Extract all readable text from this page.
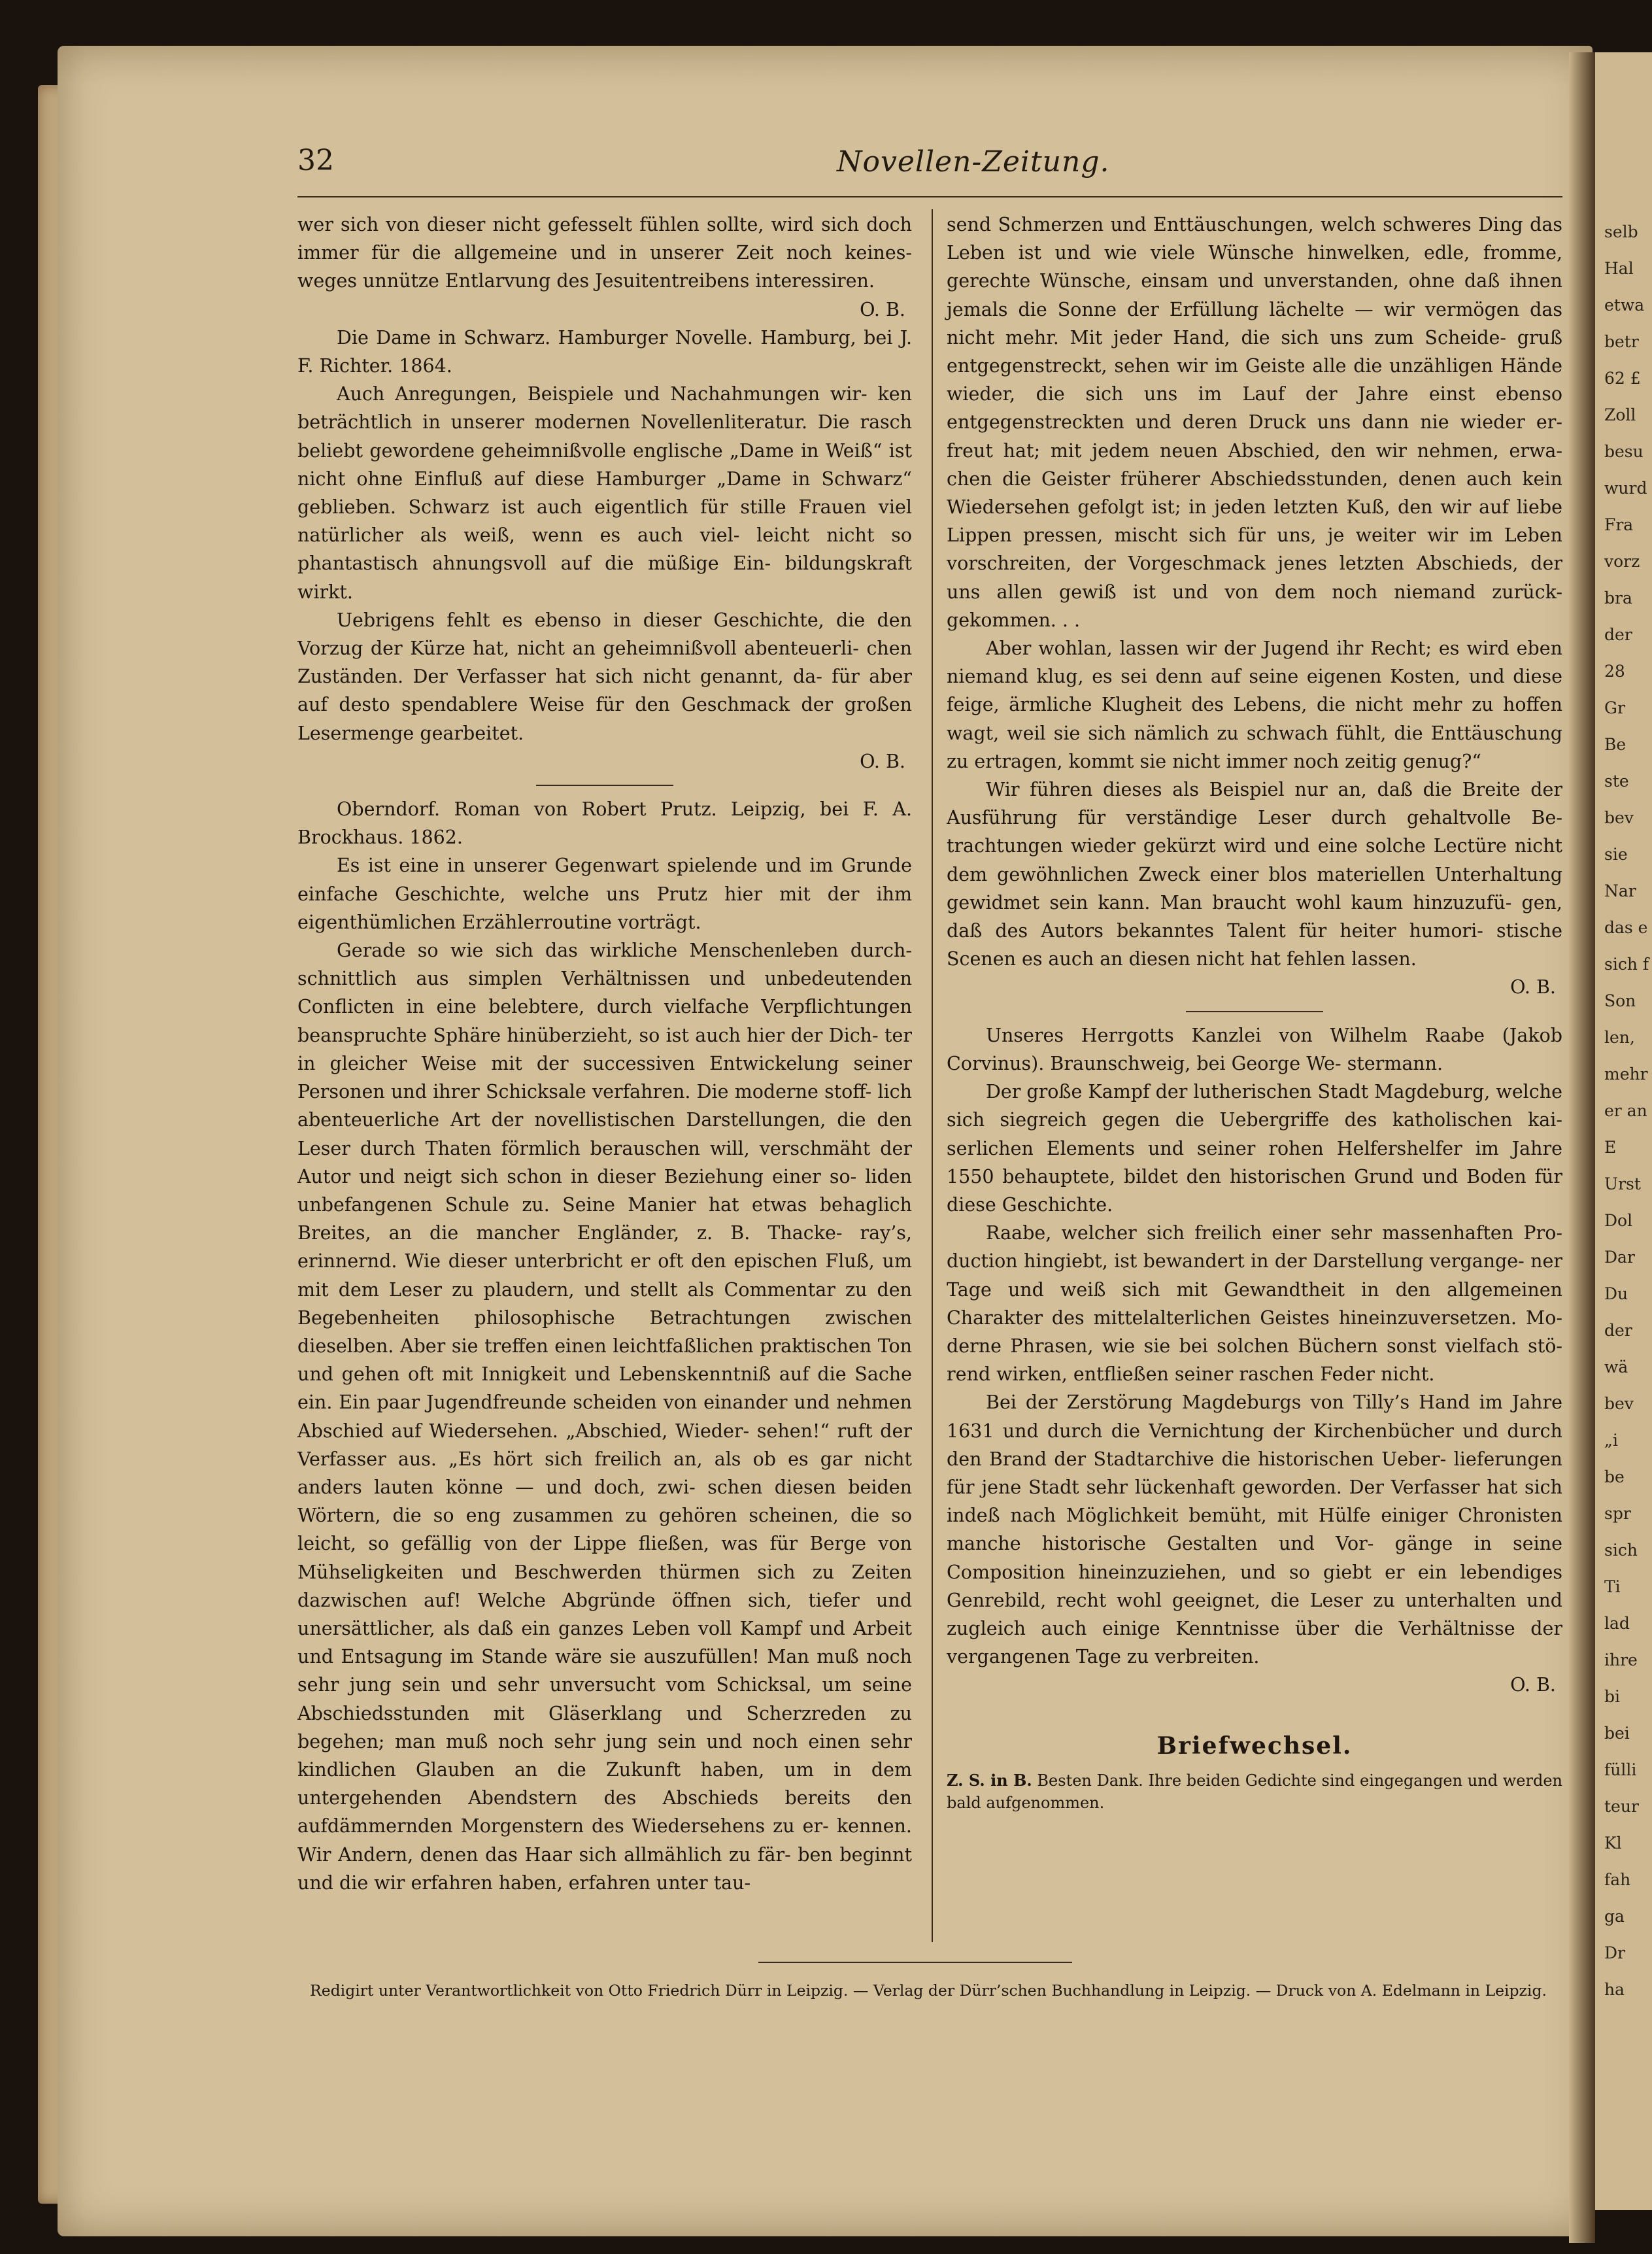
selb
Hal
etwa
betr
62 £
Zoll
besu
wurd
Fra
vorz
bra
der
28
Gr
Be
ste
bev
sie
Nar
das e
sich f
Son
len,
mehr
er an
E
Urst
Dol
Dar
Du
der
wä
bev
„i
be
spr
sich
Ti
lad
ihre
bi
bei
fülli
teur
Kl
fah
ga
Dr
ha
32	Novellen-Zeitung.

wer sich von dieser nicht gefesselt fühlen sollte, wird sich doch immer für die allgemeine und in unserer Zeit noch keines- weges unnütze Entlarvung des Jesuitentreibens interessiren.

O. B.

Die Dame in Schwarz. Hamburger Novelle. Hamburg, bei J. F. Richter. 1864.

Auch Anregungen, Beispiele und Nachahmungen wir- ken beträchtlich in unserer modernen Novellenliteratur. Die rasch beliebt gewordene geheimnißvolle englische „Dame in Weiß“ ist nicht ohne Einfluß auf diese Hamburger „Dame in Schwarz“ geblieben. Schwarz ist auch eigentlich für stille Frauen viel natürlicher als weiß, wenn es auch viel- leicht nicht so phantastisch ahnungsvoll auf die müßige Ein- bildungskraft wirkt.

Uebrigens fehlt es ebenso in dieser Geschichte, die den Vorzug der Kürze hat, nicht an geheimnißvoll abenteuerli- chen Zuständen. Der Verfasser hat sich nicht genannt, da- für aber auf desto spendablere Weise für den Geschmack der großen Lesermenge gearbeitet.

O. B.

Oberndorf. Roman von Robert Prutz. Leipzig, bei F. A. Brockhaus. 1862.

Es ist eine in unserer Gegenwart spielende und im Grunde einfache Geschichte, welche uns Prutz hier mit der ihm eigenthümlichen Erzählerroutine vorträgt.

Gerade so wie sich das wirkliche Menschenleben durch- schnittlich aus simplen Verhältnissen und unbedeutenden Conflicten in eine belebtere, durch vielfache Verpflichtungen beanspruchte Sphäre hinüberzieht, so ist auch hier der Dich- ter in gleicher Weise mit der successiven Entwickelung seiner Personen und ihrer Schicksale verfahren. Die moderne stoff- lich abenteuerliche Art der novellistischen Darstellungen, die den Leser durch Thaten förmlich berauschen will, verschmäht der Autor und neigt sich schon in dieser Beziehung einer so- liden unbefangenen Schule zu. Seine Manier hat etwas behaglich Breites, an die mancher Engländer, z. B. Thacke- ray’s, erinnernd. Wie dieser unterbricht er oft den epischen Fluß, um mit dem Leser zu plaudern, und stellt als Commentar zu den Begebenheiten philosophische Betrachtungen zwischen dieselben. Aber sie treffen einen leichtfaßlichen praktischen Ton und gehen oft mit Innigkeit und Lebenskenntniß auf die Sache ein. Ein paar Jugendfreunde scheiden von einander und nehmen Abschied auf Wiedersehen. „Abschied, Wieder- sehen!“ ruft der Verfasser aus. „Es hört sich freilich an, als ob es gar nicht anders lauten könne — und doch, zwi- schen diesen beiden Wörtern, die so eng zusammen zu gehören scheinen, die so leicht, so gefällig von der Lippe fließen, was für Berge von Mühseligkeiten und Beschwerden thürmen sich zu Zeiten dazwischen auf! Welche Abgründe öffnen sich, tiefer und unersättlicher, als daß ein ganzes Leben voll Kampf und Arbeit und Entsagung im Stande wäre sie auszufüllen! Man muß noch sehr jung sein und sehr unversucht vom Schicksal, um seine Abschiedsstunden mit Gläserklang und Scherzreden zu begehen; man muß noch sehr jung sein und noch einen sehr kindlichen Glauben an die Zukunft haben, um in dem untergehenden Abendstern des Abschieds bereits den aufdämmernden Morgenstern des Wiedersehens zu er- kennen. Wir Andern, denen das Haar sich allmählich zu fär- ben beginnt und die wir erfahren haben, erfahren unter tau-

send Schmerzen und Enttäuschungen, welch schweres Ding das Leben ist und wie viele Wünsche hinwelken, edle, fromme, gerechte Wünsche, einsam und unverstanden, ohne daß ihnen jemals die Sonne der Erfüllung lächelte — wir vermögen das nicht mehr. Mit jeder Hand, die sich uns zum Scheide- gruß entgegenstreckt, sehen wir im Geiste alle die unzähligen Hände wieder, die sich uns im Lauf der Jahre einst ebenso entgegenstreckten und deren Druck uns dann nie wieder er- freut hat; mit jedem neuen Abschied, den wir nehmen, erwa- chen die Geister früherer Abschiedsstunden, denen auch kein Wiedersehen gefolgt ist; in jeden letzten Kuß, den wir auf liebe Lippen pressen, mischt sich für uns, je weiter wir im Leben vorschreiten, der Vorgeschmack jenes letzten Abschieds, der uns allen gewiß ist und von dem noch niemand zurück- gekommen. . .

Aber wohlan, lassen wir der Jugend ihr Recht; es wird eben niemand klug, es sei denn auf seine eigenen Kosten, und diese feige, ärmliche Klugheit des Lebens, die nicht mehr zu hoffen wagt, weil sie sich nämlich zu schwach fühlt, die Enttäuschung zu ertragen, kommt sie nicht immer noch zeitig genug?“

Wir führen dieses als Beispiel nur an, daß die Breite der Ausführung für verständige Leser durch gehaltvolle Be- trachtungen wieder gekürzt wird und eine solche Lectüre nicht dem gewöhnlichen Zweck einer blos materiellen Unterhaltung gewidmet sein kann. Man braucht wohl kaum hinzuzufü- gen, daß des Autors bekanntes Talent für heiter humori- stische Scenen es auch an diesen nicht hat fehlen lassen.

O. B.

Unseres Herrgotts Kanzlei von Wilhelm Raabe (Jakob Corvinus). Braunschweig, bei George We- stermann.

Der große Kampf der lutherischen Stadt Magdeburg, welche sich siegreich gegen die Uebergriffe des katholischen kai- serlichen Elements und seiner rohen Helfershelfer im Jahre 1550 behauptete, bildet den historischen Grund und Boden für diese Geschichte.

Raabe, welcher sich freilich einer sehr massenhaften Pro- duction hingiebt, ist bewandert in der Darstellung vergange- ner Tage und weiß sich mit Gewandtheit in den allgemeinen Charakter des mittelalterlichen Geistes hineinzuversetzen. Mo- derne Phrasen, wie sie bei solchen Büchern sonst vielfach stö- rend wirken, entfließen seiner raschen Feder nicht.

Bei der Zerstörung Magdeburgs von Tilly’s Hand im Jahre 1631 und durch die Vernichtung der Kirchenbücher und durch den Brand der Stadtarchive die historischen Ueber- lieferungen für jene Stadt sehr lückenhaft geworden. Der Verfasser hat sich indeß nach Möglichkeit bemüht, mit Hülfe einiger Chronisten manche historische Gestalten und Vor- gänge in seine Composition hineinzuziehen, und so giebt er ein lebendiges Genrebild, recht wohl geeignet, die Leser zu unterhalten und zugleich auch einige Kenntnisse über die Verhältnisse der vergangenen Tage zu verbreiten.

O. B.

Briefwechsel.

Z. S. in B. Besten Dank. Ihre beiden Gedichte sind eingegangen und werden bald aufgenommen.

Redigirt unter Verantwortlichkeit von Otto Friedrich Dürr in Leipzig. — Verlag der Dürr’schen Buchhandlung in Leipzig. — Druck von A. Edelmann in Leipzig.
